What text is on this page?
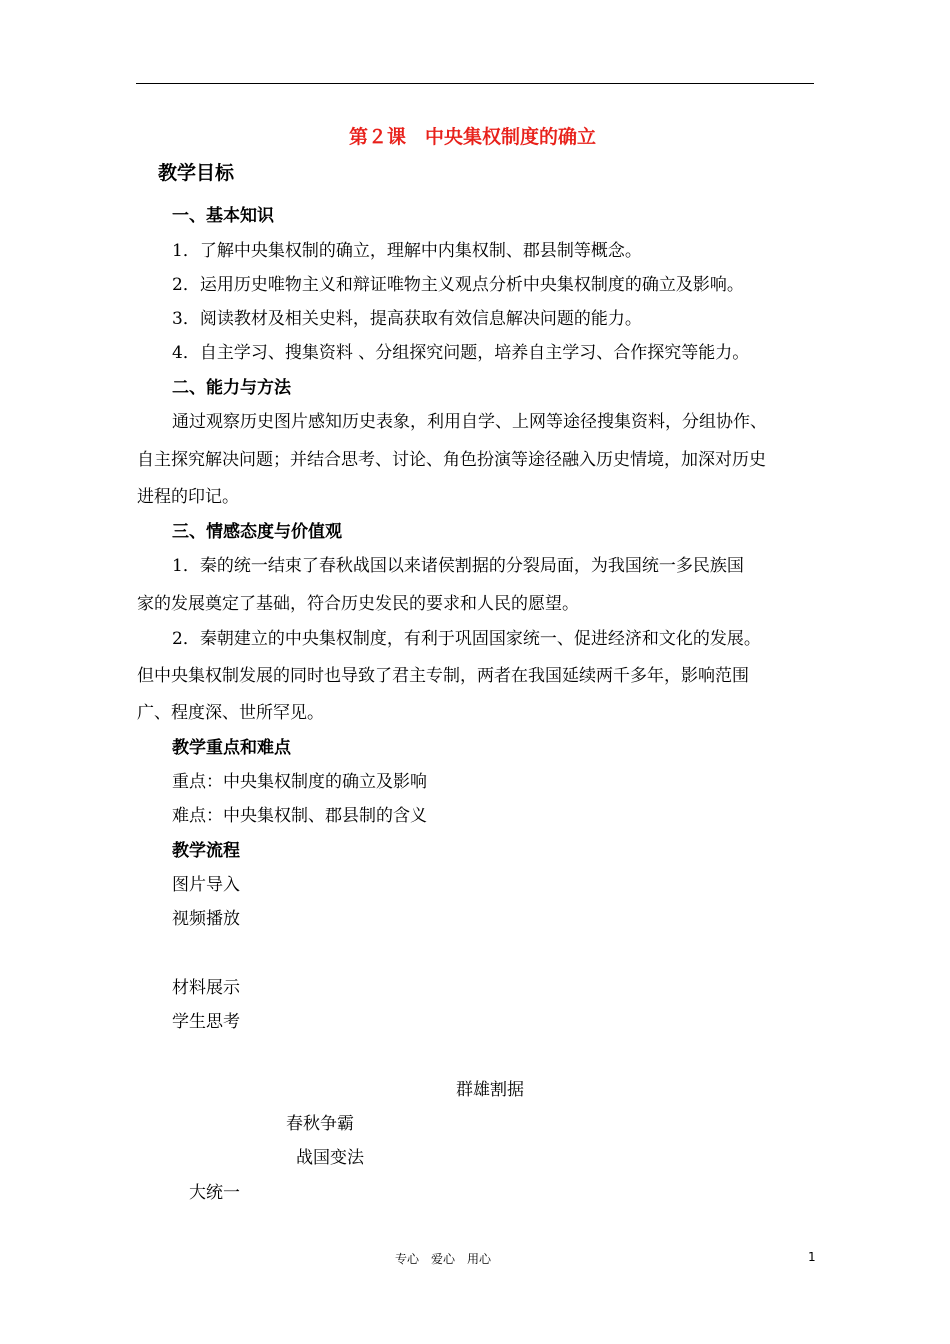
第２课　中央集权制度的确立
教学目标
一、基本知识
1．了解中央集权制的确立，理解中内集权制、郡县制等概念。
2．运用历史唯物主义和辩证唯物主义观点分析中央集权制度的确立及影响。
3．阅读教材及相关史料，提高获取有效信息解决问题的能力。
4．自主学习、搜集资料 、分组探究问题，培养自主学习、合作探究等能力。
二、能力与方法
通过观察历史图片感知历史表象，利用自学、上网等途径搜集资料，分组协作、
自主探究解决问题；并结合思考、讨论、角色扮演等途径融入历史情境，加深对历史
进程的印记。
三、情感态度与价值观
1．秦的统一结束了春秋战国以来诸侯割据的分裂局面，为我国统一多民族国
家的发展奠定了基础，符合历史发民的要求和人民的愿望。
2．秦朝建立的中央集权制度，有利于巩固国家统一、促进经济和文化的发展。
但中央集权制发展的同时也导致了君主专制，两者在我国延续两千多年，影响范围
广、程度深、世所罕见。
教学重点和难点
重点：中央集权制度的确立及影响
难点：中央集权制、郡县制的含义
教学流程
图片导入
视频播放
材料展示
学生思考
群雄割据
春秋争霸
战国变法
大统一
专心　爱心　用心	1
